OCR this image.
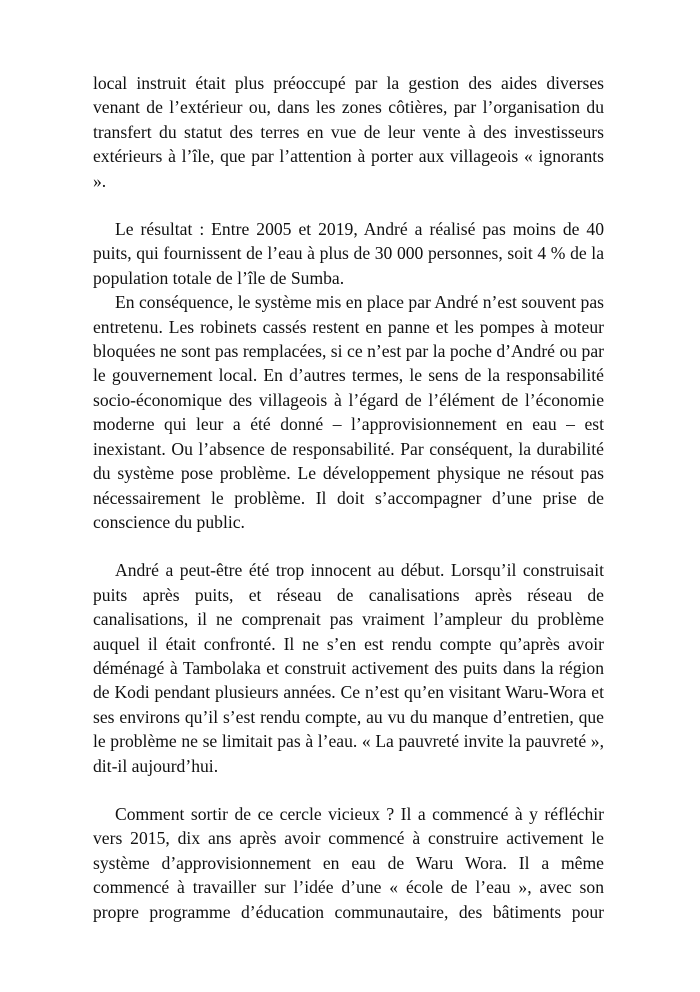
local instruit était plus préoccupé par la gestion des aides diverses venant de l’extérieur ou, dans les zones côtières, par l’organisation du transfert du statut des terres en vue de leur vente à des investisseurs extérieurs à l’île, que par l’attention à porter aux villageois « ignorants ».

Le résultat : Entre 2005 et 2019, André a réalisé pas moins de 40 puits, qui fournissent de l’eau à plus de 30 000 personnes, soit 4 % de la population totale de l’île de Sumba.

En conséquence, le système mis en place par André n’est souvent pas entretenu. Les robinets cassés restent en panne et les pompes à moteur bloquées ne sont pas remplacées, si ce n’est par la poche d’André ou par le gouvernement local. En d’autres termes, le sens de la responsabilité socio-économique des villageois à l’égard de l’élément de l’économie moderne qui leur a été donné – l’approvisionnement en eau – est inexistant. Ou l’absence de responsabilité. Par conséquent, la durabilité du système pose problème. Le développement physique ne résout pas nécessairement le problème. Il doit s’accompagner d’une prise de conscience du public.

André a peut-être été trop innocent au début. Lorsqu’il construisait puits après puits, et réseau de canalisations après réseau de canalisations, il ne comprenait pas vraiment l’ampleur du problème auquel il était confronté. Il ne s’en est rendu compte qu’après avoir déménagé à Tambolaka et construit activement des puits dans la région de Kodi pendant plusieurs années. Ce n’est qu’en visitant Waru-Wora et ses environs qu’il s’est rendu compte, au vu du manque d’entretien, que le problème ne se limitait pas à l’eau. « La pauvreté invite la pauvreté », dit-il aujourd’hui.

Comment sortir de ce cercle vicieux ? Il a commencé à y réfléchir vers 2015, dix ans après avoir commencé à construire activement le système d’approvisionnement en eau de Waru Wora. Il a même commencé à travailler sur l’idée d’une « école de l’eau », avec son propre programme d’éducation communautaire, des bâtiments pour
